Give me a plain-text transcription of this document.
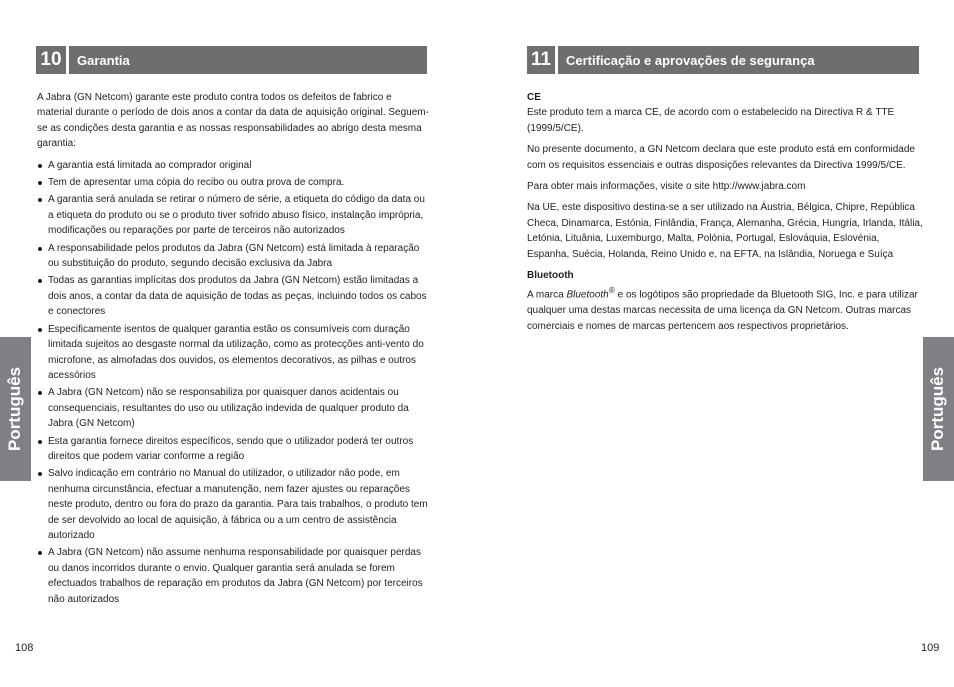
10	Garantia

A Jabra (GN Netcom) garante este produto contra todos os defeitos de fabrico e material durante o período de dois anos a contar da data de aquisição original. Seguem-se as condições desta garantia e as nossas responsabilidades ao abrigo desta mesma garantia:

A garantia está limitada ao comprador original
Tem de apresentar uma cópia do recibo ou outra prova de compra.
A garantia será anulada se retirar o número de série, a etiqueta do código da data ou a etiqueta do produto ou se o produto tiver sofrido abuso físico, instalação imprópria, modificações ou reparações por parte de terceiros não autorizados
A responsabilidade pelos produtos da Jabra (GN Netcom) está limitada à reparação ou substituição do produto, segundo decisão exclusiva da Jabra
Todas as garantias implícitas dos produtos da Jabra (GN Netcom) estão limitadas a dois anos, a contar da data de aquisição de todas as peças, incluindo todos os cabos e conectores
Especificamente isentos de qualquer garantia estão os consumíveis com duração limitada sujeitos ao desgaste normal da utilização, como as protecções anti-vento do microfone, as almofadas dos ouvidos, os elementos decorativos, as pilhas e outros acessórios
A Jabra (GN Netcom) não se responsabiliza por quaisquer danos acidentais ou consequenciais, resultantes do uso ou utilização indevida de qualquer produto da Jabra (GN Netcom)
Esta garantia fornece direitos específicos, sendo que o utilizador poderá ter outros direitos que podem variar conforme a região
Salvo indicação em contrário no Manual do utilizador, o utilizador não pode, em nenhuma circunstância, efectuar a manutenção, nem fazer ajustes ou reparações neste produto, dentro ou fora do prazo da garantia. Para tais trabalhos, o produto tem de ser devolvido ao local de aquisição, à fábrica ou a um centro de assistência autorizado
A Jabra (GN Netcom) não assume nenhuma responsabilidade por quaisquer perdas ou danos incorridos durante o envio. Qualquer garantia será anulada se forem efectuados trabalhos de reparação em produtos da Jabra (GN Netcom) por terceiros não autorizados
Português
108
11	Certificação e aprovações de segurança

CE

Este produto tem a marca CE, de acordo com o estabelecido na Directiva R & TTE (1999/5/CE).

No presente documento, a GN Netcom declara que este produto está em conformidade com os requisitos essenciais e outras disposições relevantes da Directiva 1999/5/CE.

Para obter mais informações, visite o site http://www.jabra.com

Na UE, este dispositivo destina-se a ser utilizado na Áustria, Bélgica, Chipre, República Checa, Dinamarca, Estónia, Finlândia, França, Alemanha, Grécia, Hungria, Irlanda, Itália, Letónia, Lituânia, Luxemburgo, Malta, Polónia, Portugal, Eslováquia, Eslovénia, Espanha, Suécia, Holanda, Reino Unido e, na EFTA, na Islândia, Noruega e Suíça

Bluetooth

A marca Bluetooth® e os logótipos são propriedade da Bluetooth SIG, Inc. e para utilizar qualquer uma destas marcas necessita de uma licença da GN Netcom. Outras marcas comerciais e nomes de marcas pertencem aos respectivos proprietários.

Português
109
